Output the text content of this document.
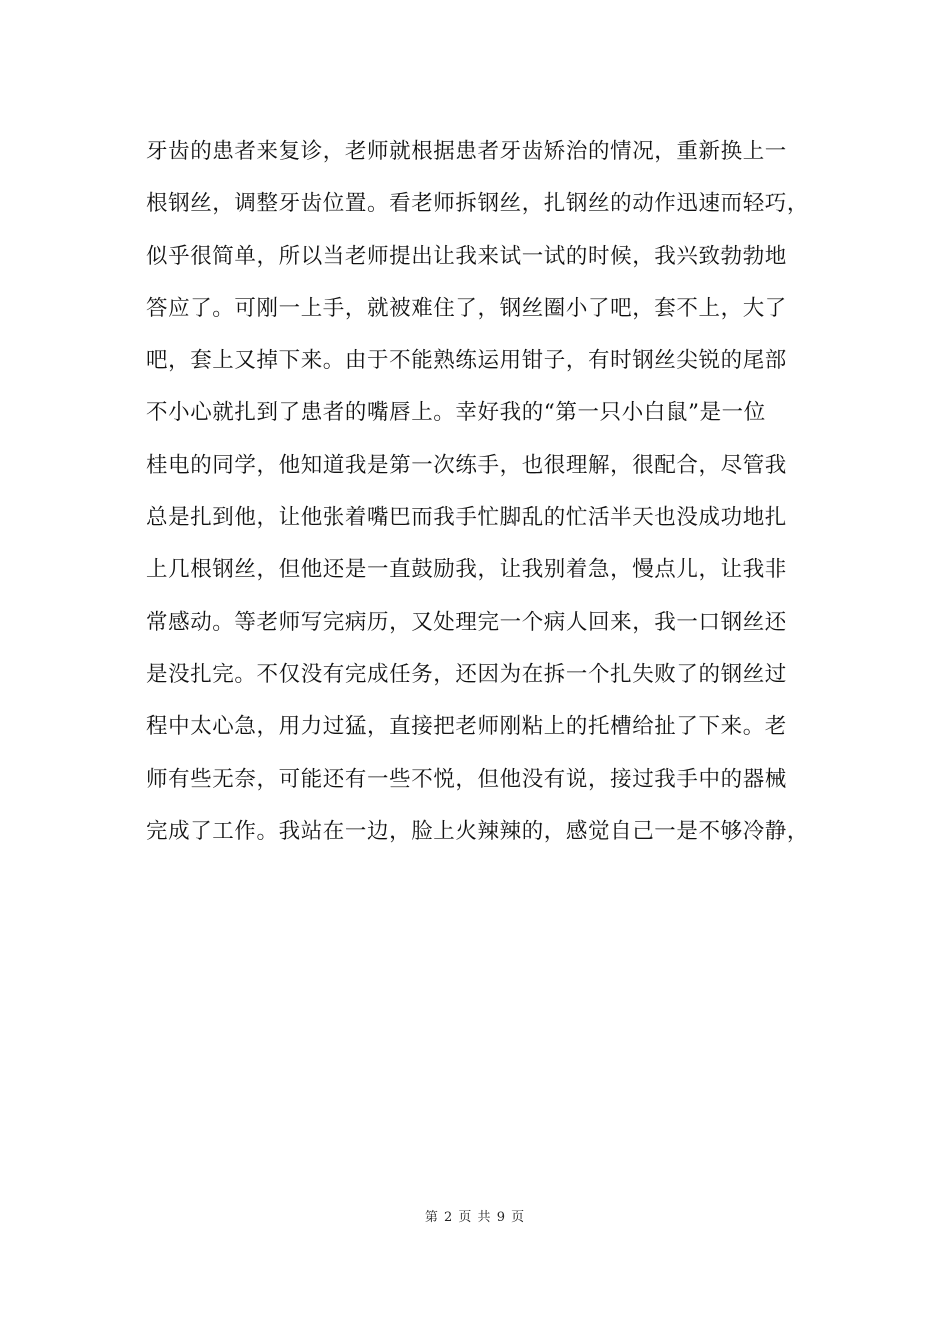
牙齿的患者来复诊，老师就根据患者牙齿矫治的情况，重新换上一
根钢丝，调整牙齿位置。看老师拆钢丝，扎钢丝的动作迅速而轻巧，
似乎很简单，所以当老师提出让我来试一试的时候，我兴致勃勃地
答应了。可刚一上手，就被难住了，钢丝圈小了吧，套不上，大了
吧，套上又掉下来。由于不能熟练运用钳子，有时钢丝尖锐的尾部
不小心就扎到了患者的嘴唇上。幸好我的“第一只小白鼠”是一位
桂电的同学，他知道我是第一次练手，也很理解，很配合，尽管我
总是扎到他，让他张着嘴巴而我手忙脚乱的忙活半天也没成功地扎
上几根钢丝，但他还是一直鼓励我，让我别着急，慢点儿，让我非
常感动。等老师写完病历，又处理完一个病人回来，我一口钢丝还
是没扎完。不仅没有完成任务，还因为在拆一个扎失败了的钢丝过
程中太心急，用力过猛，直接把老师刚粘上的托槽给扯了下来。老
师有些无奈，可能还有一些不悦，但他没有说，接过我手中的器械
完成了工作。我站在一边，脸上火辣辣的，感觉自己一是不够冷静，
第 2 页 共 9 页
